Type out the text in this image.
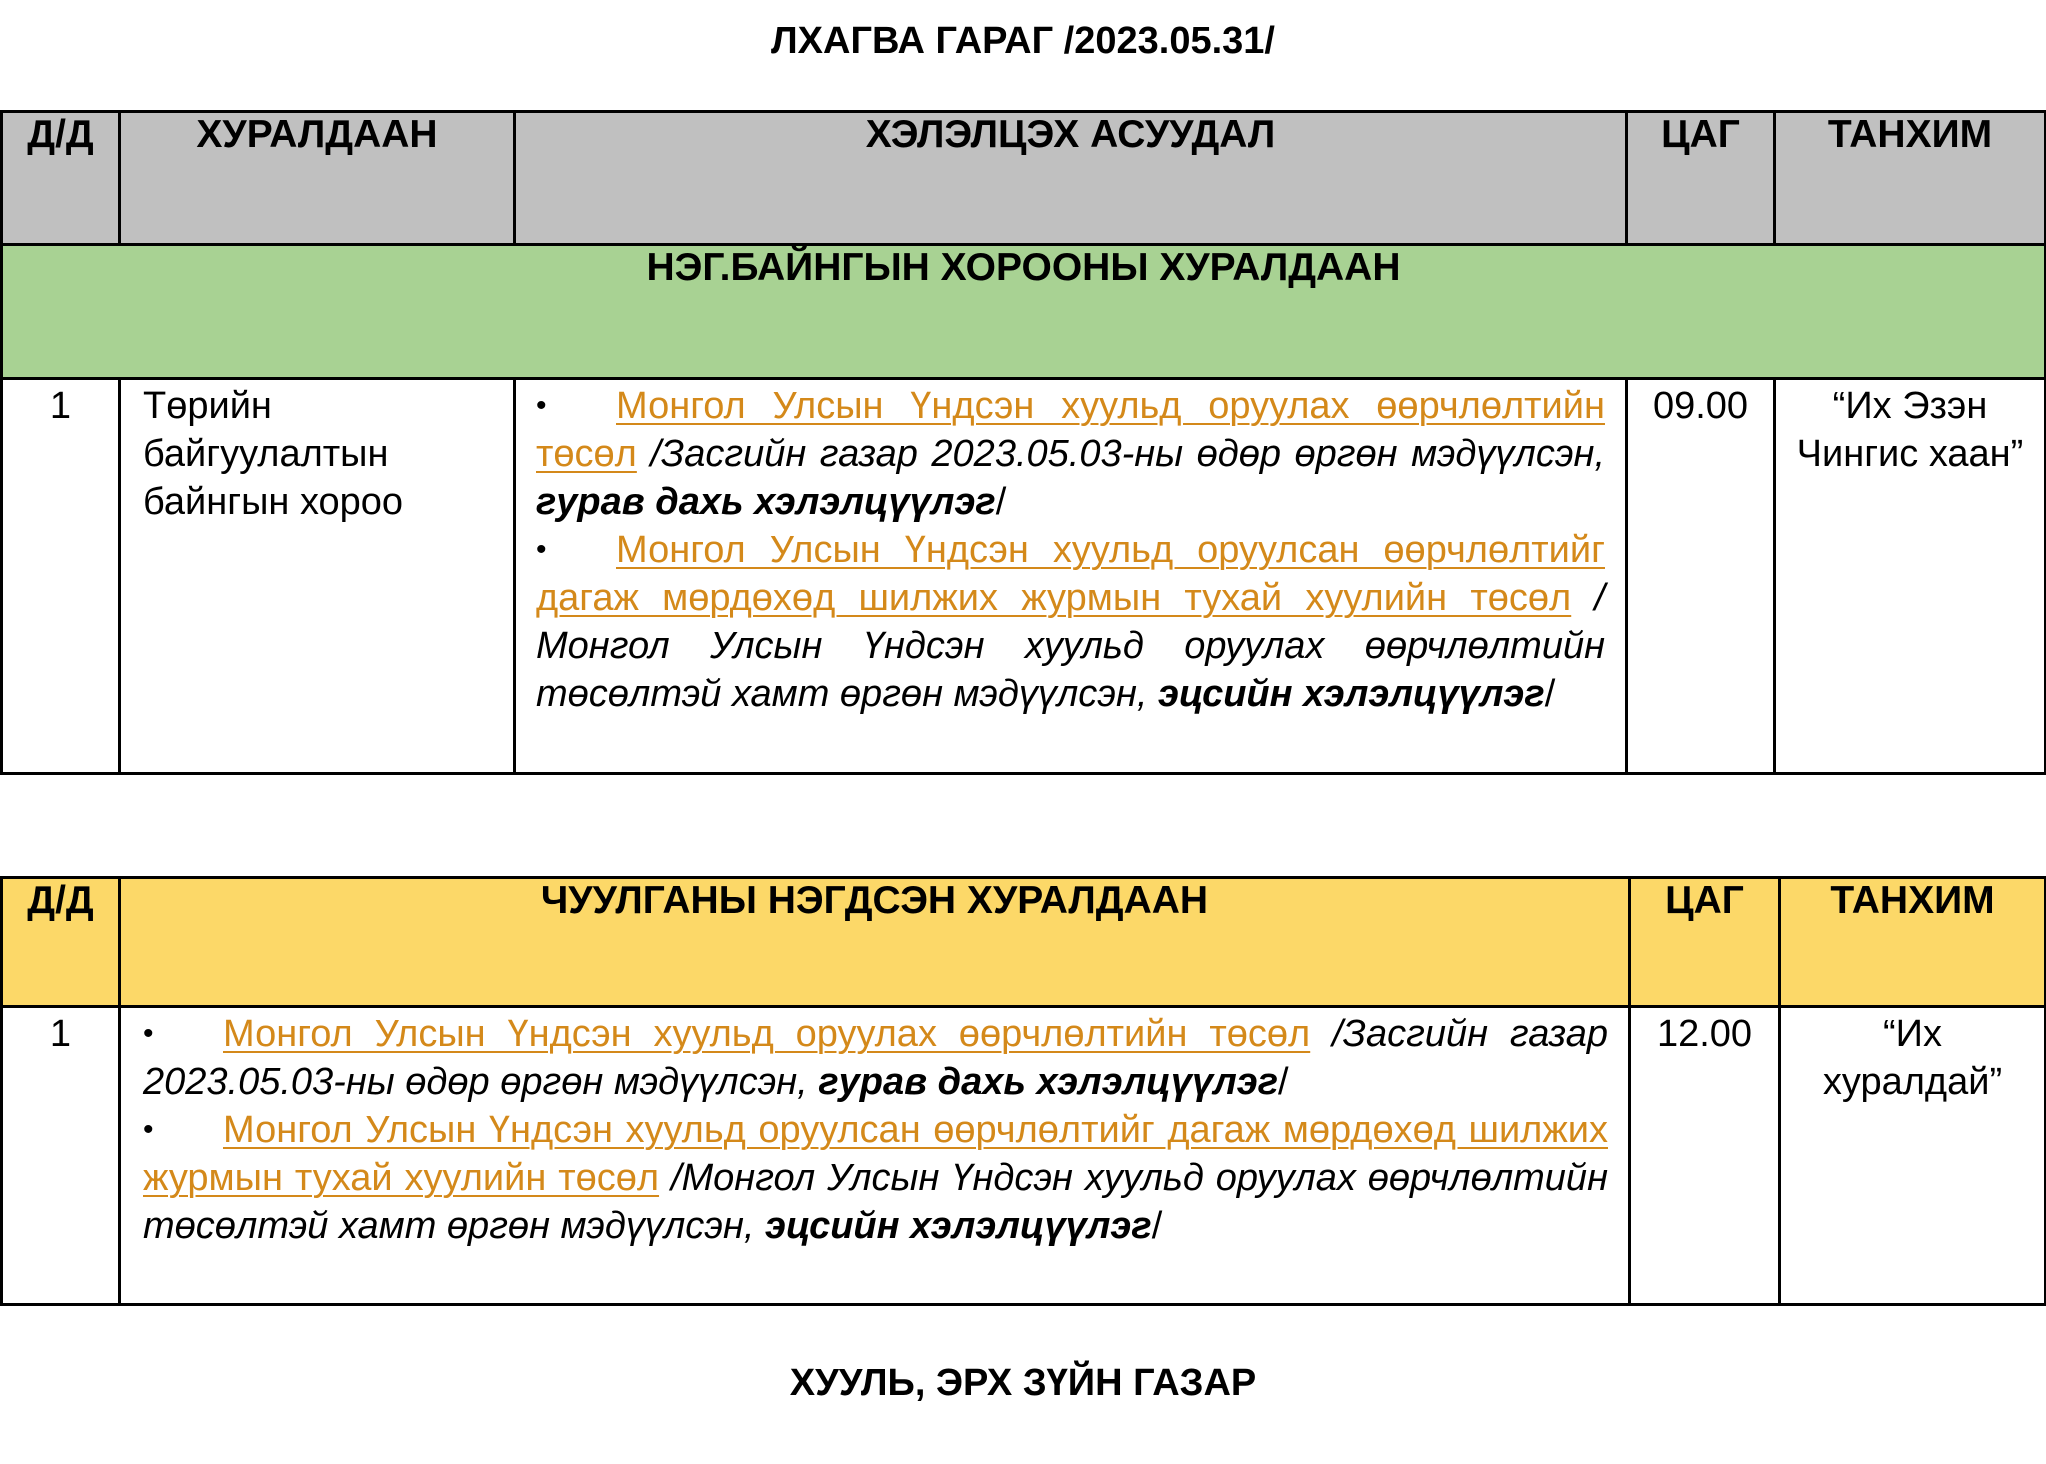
ЛХАГВА ГАРАГ /2023.05.31/
Д/Д	ХУРАЛДААН	ХЭЛЭЛЦЭХ АСУУДАЛ	ЦАГ	ТАНХИМ
НЭГ.БАЙНГЫН ХОРООНЫ ХУРАЛДААН				
1	Төрийн байгуулалтын байнгын хороо	• Монгол Улсын Үндсэн хуульд оруулах өөрчлөлтийн төсөл /Засгийн газар 2023.05.03-ны өдөр өргөн мэдүүлсэн, гурав дахь хэлэлцүүлэг/
• Монгол Улсын Үндсэн хуульд оруулсан өөрчлөлтийг дагаж мөрдөхөд шилжих журмын тухай хуулийн төсөл /Монгол Улсын Үндсэн хуульд оруулах өөрчлөлтийн төсөлтэй хамт өргөн мэдүүлсэн, эцсийн хэлэлцүүлэг/	09.00	“Их Эзэн Чингис хаан”
Д/Д	ЧУУЛГАНЫ НЭГДСЭН ХУРАЛДААН	ЦАГ	ТАНХИМ
1	• Монгол Улсын Үндсэн хуульд оруулах өөрчлөлтийн төсөл /Засгийн газар 2023.05.03-ны өдөр өргөн мэдүүлсэн, гурав дахь хэлэлцүүлэг/
• Монгол Улсын Үндсэн хуульд оруулсан өөрчлөлтийг дагаж мөрдөхөд шилжих журмын тухай хуулийн төсөл /Монгол Улсын Үндсэн хуульд оруулах өөрчлөлтийн төсөлтэй хамт өргөн мэдүүлсэн, эцсийн хэлэлцүүлэг/	12.00	“Их хуралдай”
ХУУЛЬ, ЭРХ ЗҮЙН ГАЗАР
